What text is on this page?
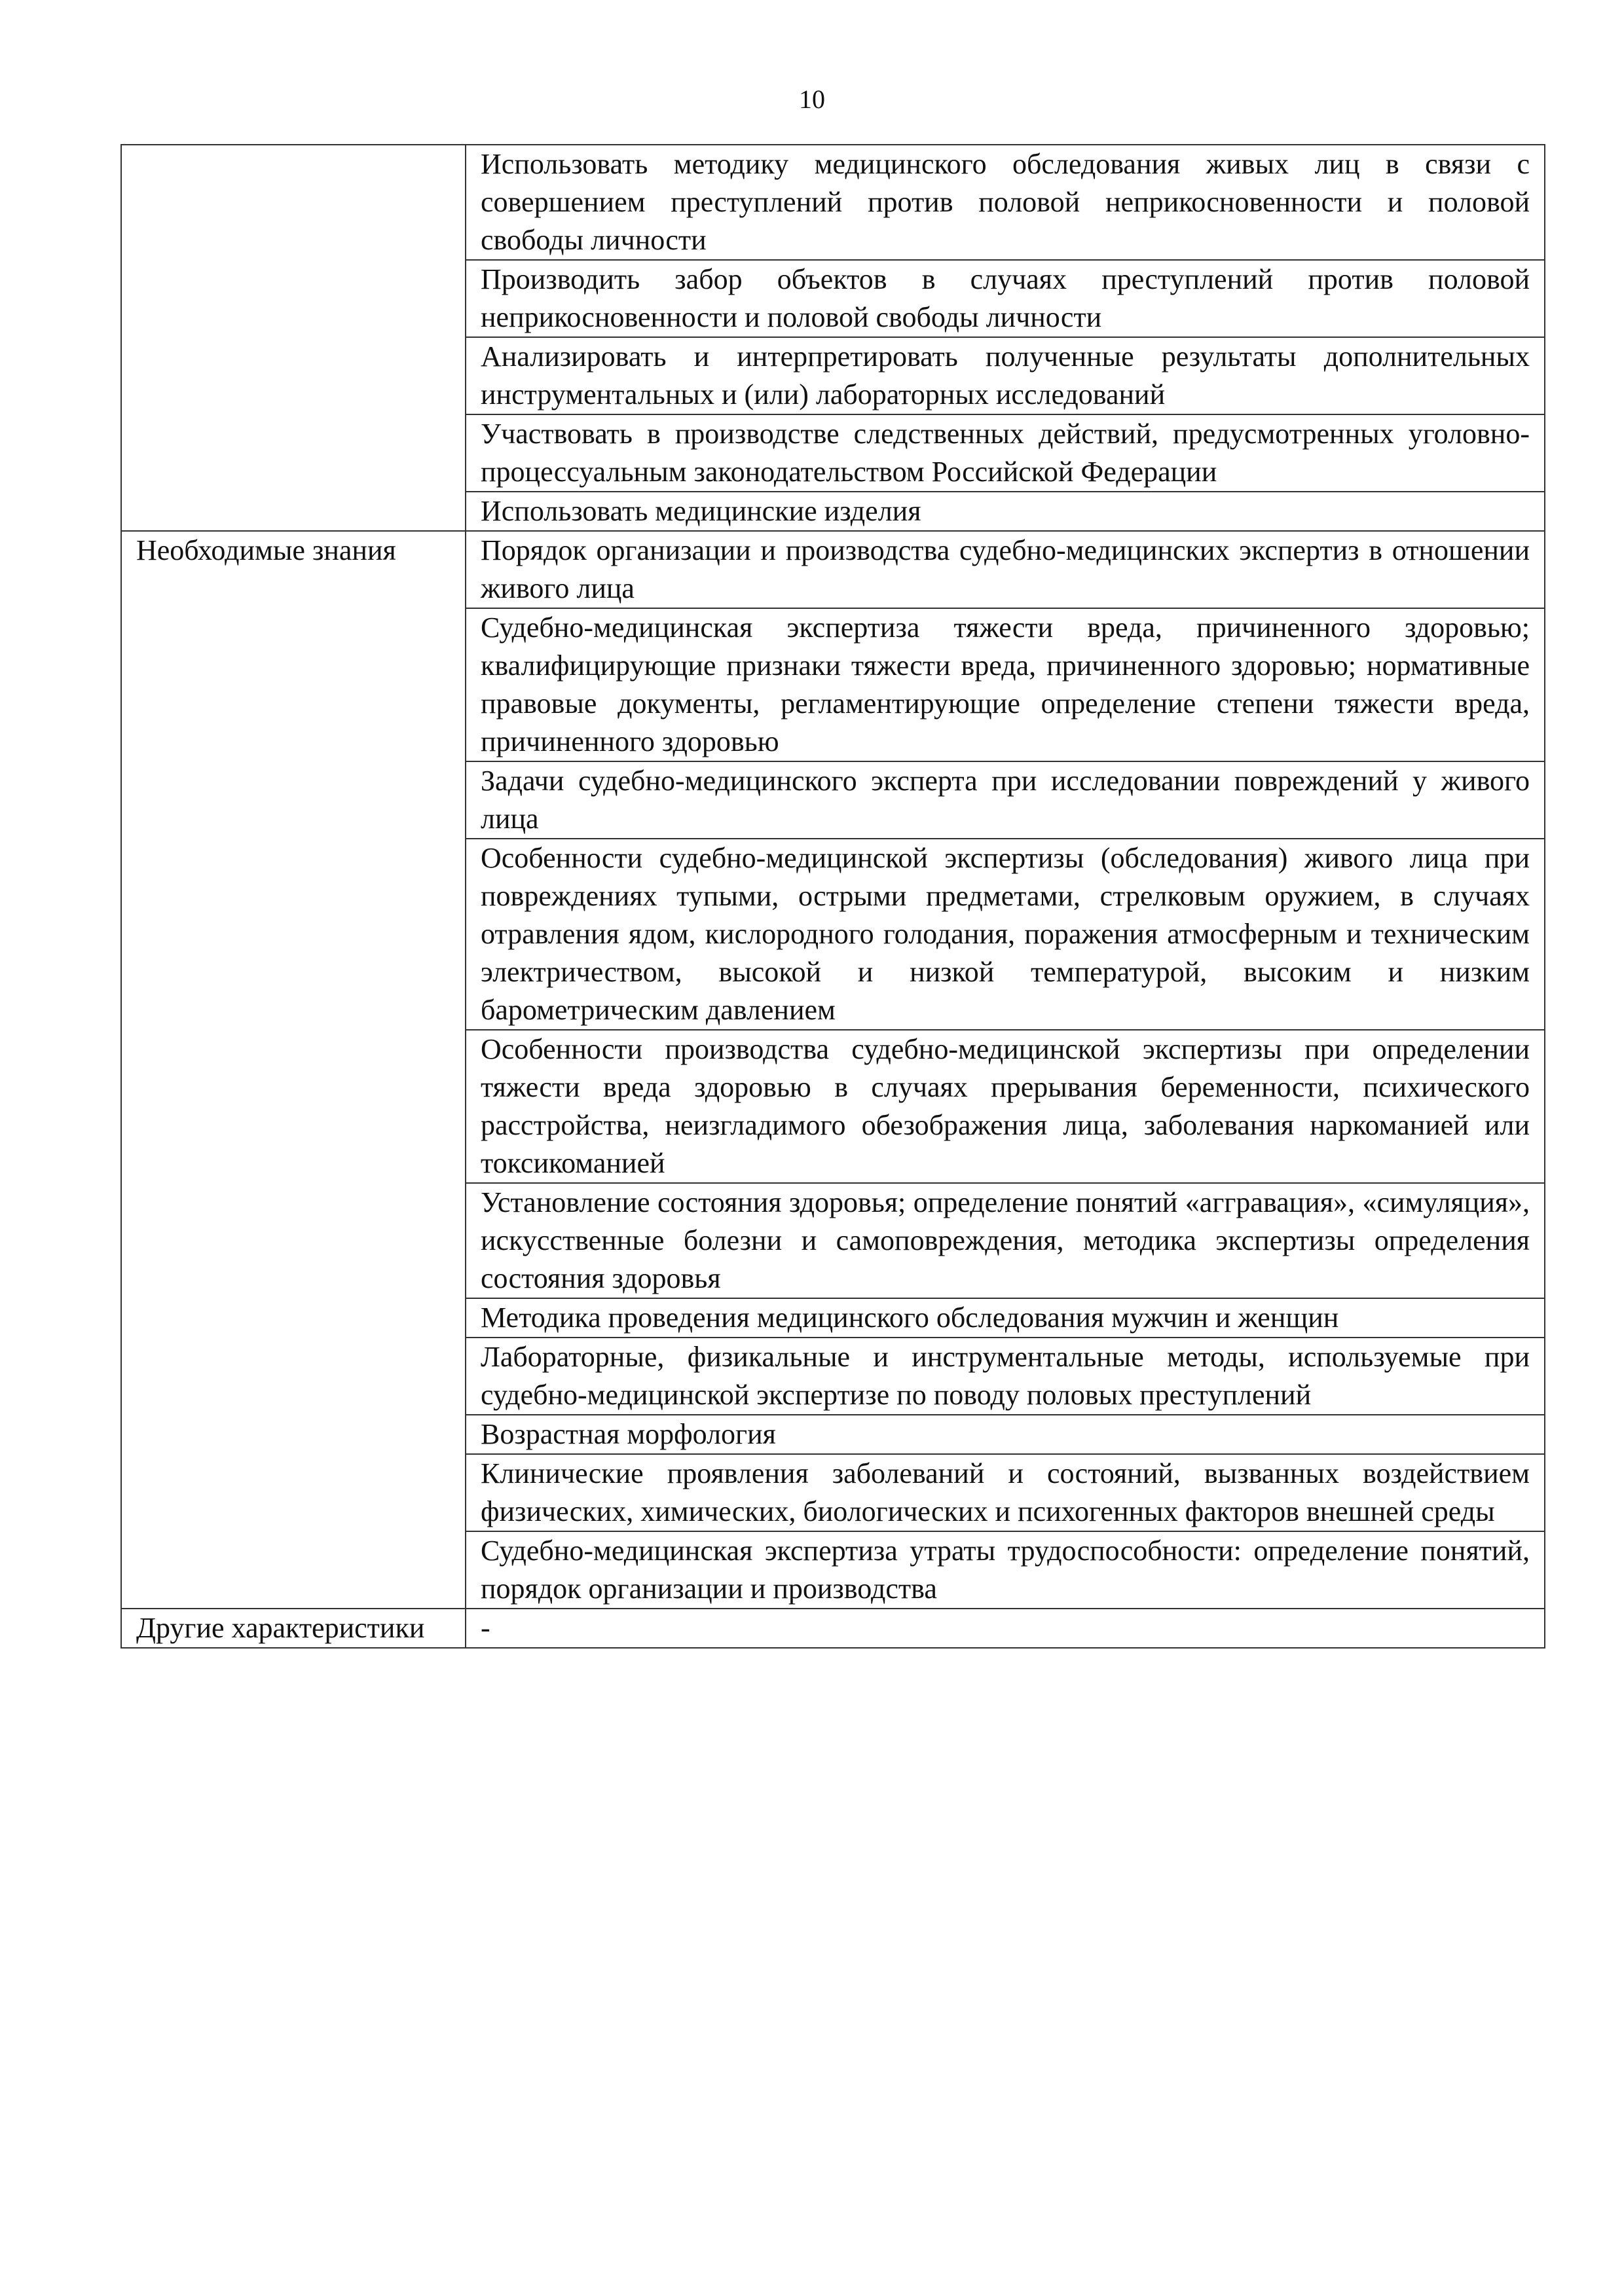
10
	Использовать методику медицинского обследования живых лиц в связи с совершением преступлений против половой неприкосновенности и половой свободы личности
	Производить забор объектов в случаях преступлений против половой неприкосновенности и половой свободы личности
	Анализировать и интерпретировать полученные результаты дополнительных инструментальных и (или) лабораторных исследований
	Участвовать в производстве следственных действий, предусмотренных уголовно-процессуальным законодательством Российской Федерации
	Использовать медицинские изделия
Необходимые знания	Порядок организации и производства судебно-медицинских экспертиз в отношении живого лица
	Судебно-медицинская экспертиза тяжести вреда, причиненного здоровью; квалифицирующие признаки тяжести вреда, причиненного здоровью; нормативные правовые документы, регламентирующие определение степени тяжести вреда, причиненного здоровью
	Задачи судебно-медицинского эксперта при исследовании повреждений у живого лица
	Особенности судебно-медицинской экспертизы (обследования) живого лица при повреждениях тупыми, острыми предметами, стрелковым оружием, в случаях отравления ядом, кислородного голодания, поражения атмосферным и техническим электричеством, высокой и низкой температурой, высоким и низким барометрическим давлением
	Особенности производства судебно-медицинской экспертизы при определении тяжести вреда здоровью в случаях прерывания беременности, психического расстройства, неизгладимого обезображения лица, заболевания наркоманией или токсикоманией
	Установление состояния здоровья; определение понятий «аггравация», «симуляция», искусственные болезни и самоповреждения, методика экспертизы определения состояния здоровья
	Методика проведения медицинского обследования мужчин и женщин
	Лабораторные, физикальные и инструментальные методы, используемые при судебно-медицинской экспертизе по поводу половых преступлений
	Возрастная морфология
	Клинические проявления заболеваний и состояний, вызванных воздействием физических, химических, биологических и психогенных факторов внешней среды
	Судебно-медицинская экспертиза утраты трудоспособности: определение понятий, порядок организации и производства
Другие характеристики	-
